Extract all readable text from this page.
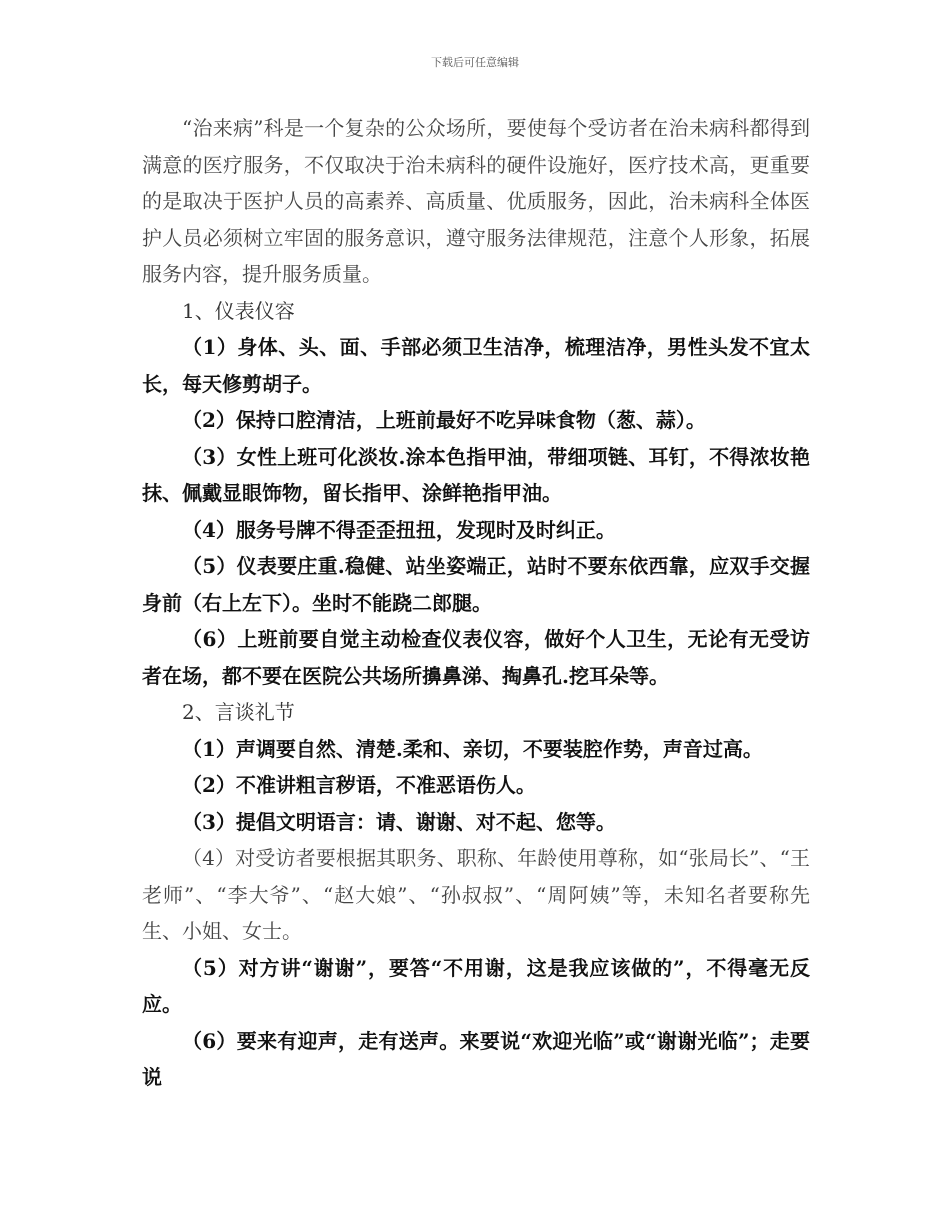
下载后可任意编辑

“治来病”科是一个复杂的公众场所，要使每个受访者在治未病科都得到满意的医疗服务，不仅取决于治未病科的硬件设施好，医疗技术高，更重要的是取决于医护人员的高素养、高质量、优质服务，因此，治未病科全体医护人员必须树立牢固的服务意识，遵守服务法律规范，注意个人形象，拓展服务内容，提升服务质量。

1、仪表仪容

（1）身体、头、面、手部必须卫生洁净，梳理洁净，男性头发不宜太长，每天修剪胡子。

（2）保持口腔清洁，上班前最好不吃异味食物（葱、蒜）。

（3）女性上班可化淡妆.涂本色指甲油，带细项链、耳钉，不得浓妆艳抹、佩戴显眼饰物，留长指甲、涂鲜艳指甲油。

（4）服务号牌不得歪歪扭扭，发现时及时纠正。

（5）仪表要庄重.稳健、站坐姿端正，站时不要东依西靠，应双手交握身前（右上左下）。坐时不能跷二郎腿。

（6）上班前要自觉主动检查仪表仪容，做好个人卫生，无论有无受访者在场，都不要在医院公共场所擤鼻涕、掏鼻孔.挖耳朵等。

2、言谈礼节

（1）声调要自然、清楚.柔和、亲切，不要装腔作势，声音过高。

（2）不准讲粗言秽语，不准恶语伤人。

（3）提倡文明语言：请、谢谢、对不起、您等。

（4）对受访者要根据其职务、职称、年龄使用尊称，如“张局长”、“王老师”、“李大爷”、“赵大娘”、“孙叔叔”、“周阿姨”等，未知名者要称先生、小姐、女士。

（5）对方讲“谢谢”，要答“不用谢，这是我应该做的”，不得毫无反应。

（6）要来有迎声，走有送声。来要说“欢迎光临”或“谢谢光临”；走要说
